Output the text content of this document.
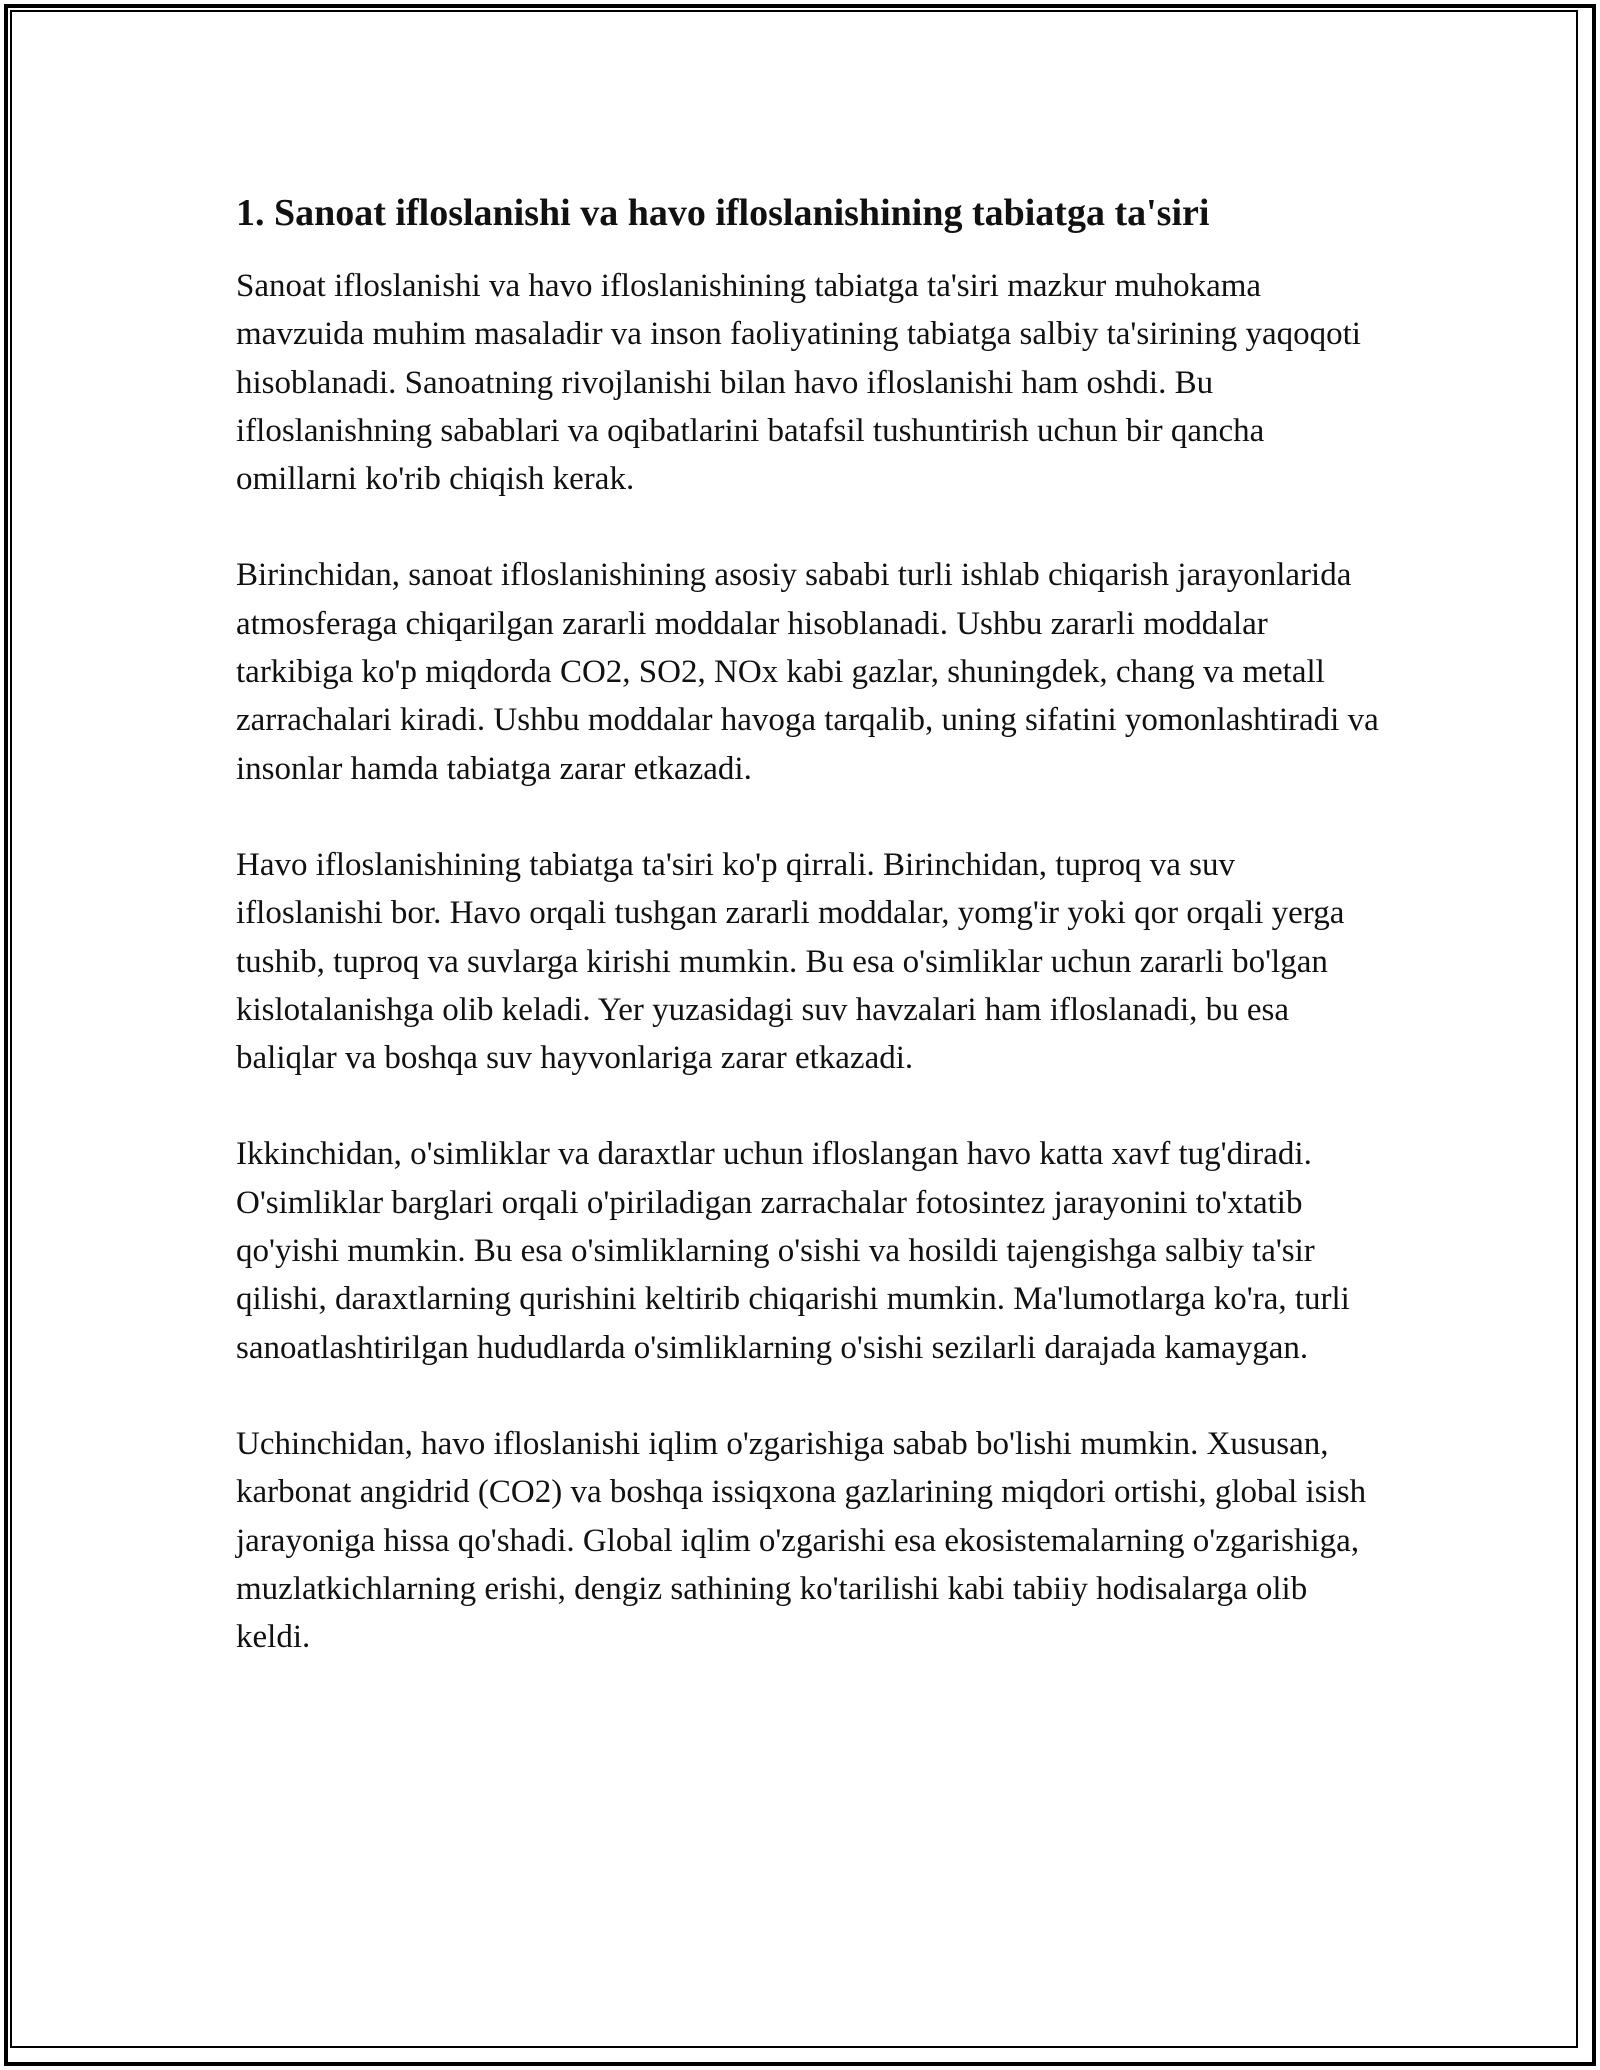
1. Sanoat ifloslanishi va havo ifloslanishining tabiatga ta'siri

Sanoat ifloslanishi va havo ifloslanishining tabiatga ta'siri mazkur muhokama mavzuida muhim masaladir va inson faoliyatining tabiatga salbiy ta'sirining yaqoqoti hisoblanadi. Sanoatning rivojlanishi bilan havo ifloslanishi ham oshdi. Bu ifloslanishning sabablari va oqibatlarini batafsil tushuntirish uchun bir qancha omillarni ko'rib chiqish kerak.

Birinchidan, sanoat ifloslanishining asosiy sababi turli ishlab chiqarish jarayonlarida atmosferaga chiqarilgan zararli moddalar hisoblanadi. Ushbu zararli moddalar tarkibiga ko'p miqdorda CO2, SO2, NOx kabi gazlar, shuningdek, chang va metall zarrachalari kiradi. Ushbu moddalar havoga tarqalib, uning sifatini yomonlashtiradi va insonlar hamda tabiatga zarar etkazadi.

Havo ifloslanishining tabiatga ta'siri ko'p qirrali. Birinchidan, tuproq va suv ifloslanishi bor. Havo orqali tushgan zararli moddalar, yomg'ir yoki qor orqali yerga tushib, tuproq va suvlarga kirishi mumkin. Bu esa o'simliklar uchun zararli bo'lgan kislotalanishga olib keladi. Yer yuzasidagi suv havzalari ham ifloslanadi, bu esa baliqlar va boshqa suv hayvonlariga zarar etkazadi.

Ikkinchidan, o'simliklar va daraxtlar uchun ifloslangan havo katta xavf tug'diradi. O'simliklar barglari orqali o'piriladigan zarrachalar fotosintez jarayonini to'xtatib qo'yishi mumkin. Bu esa o'simliklarning o'sishi va hosildi tajengishga salbiy ta'sir qilishi, daraxtlarning qurishini keltirib chiqarishi mumkin. Ma'lumotlarga ko'ra, turli sanoatlashtirilgan hududlarda o'simliklarning o'sishi sezilarli darajada kamaygan.

Uchinchidan, havo ifloslanishi iqlim o'zgarishiga sabab bo'lishi mumkin. Xususan, karbonat angidrid (CO2) va boshqa issiqxona gazlarining miqdori ortishi, global isish jarayoniga hissa qo'shadi. Global iqlim o'zgarishi esa ekosistemalarning o'zgarishiga, muzlatkichlarning erishi, dengiz sathining ko'tarilishi kabi tabiiy hodisalarga olib keldi.
